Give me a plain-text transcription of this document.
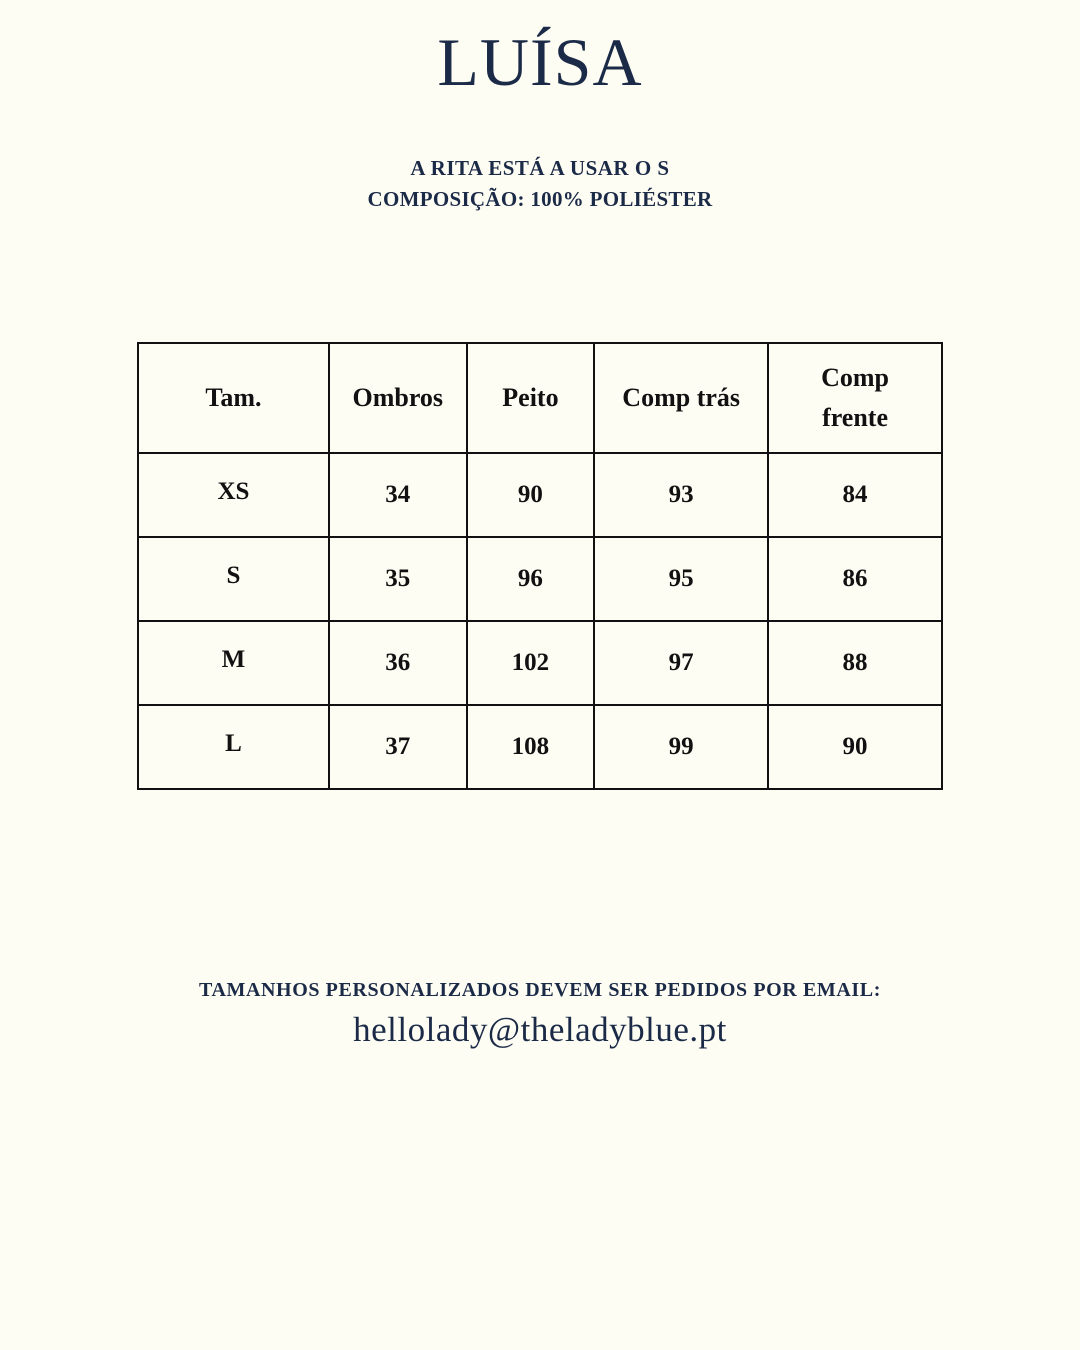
LUÍSA
A RITA ESTÁ A USAR O S
COMPOSIÇÃO: 100% POLIÉSTER
Tam.	Ombros	Peito	Comp trás	Comp frente
XS	34	90	93	84
S	35	96	95	86
M	36	102	97	88
L	37	108	99	90
TAMANHOS PERSONALIZADOS DEVEM SER PEDIDOS POR EMAIL:
hellolady@theladyblue.pt
